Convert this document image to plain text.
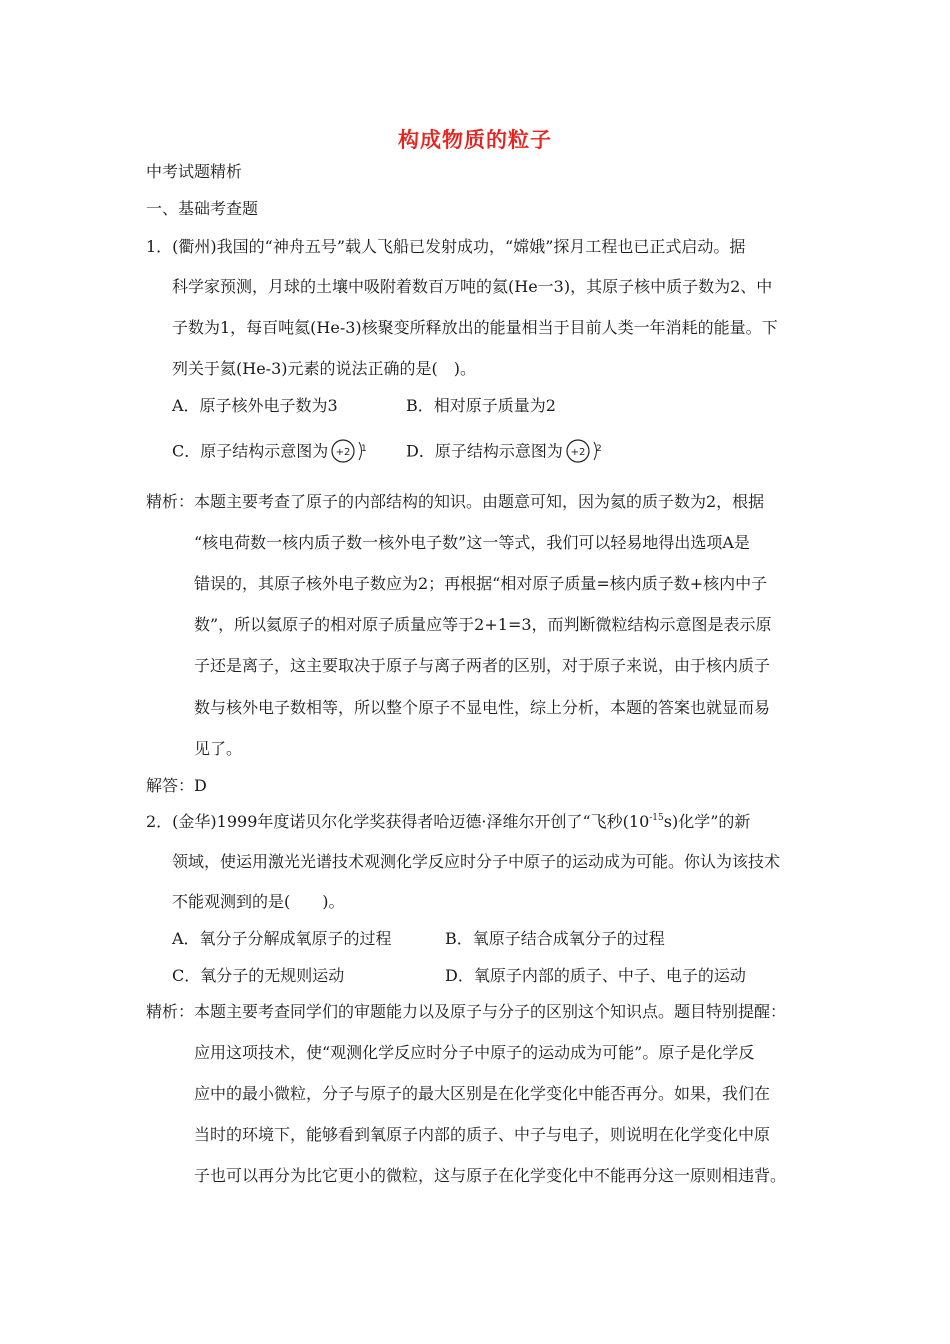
构成物质的粒子
中考试题精析
一、基础考查题
1．(衢州)我国的“神舟五号”载人飞船已发射成功，“嫦娥”探月工程也已正式启动。据
科学家预测，月球的土壤中吸附着数百万吨的氦(He一3)，其原子核中质子数为2、中
子数为1，每百吨氦(He-3)核聚变所释放出的能量相当于目前人类一年消耗的能量。下
列关于氦(He-3)元素的说法正确的是(　)。
A．原子核外电子数为3	B．相对原子质量为2
C．原子结构示意图为 +2 1 D．原子结构示意图为 +2 2
精析：本题主要考查了原子的内部结构的知识。由题意可知，因为氦的质子数为2，根据
“核电荷数一核内质子数一核外电子数”这一等式，我们可以轻易地得出选项A是
错误的，其原子核外电子数应为2；再根据“相对原子质量=核内质子数+核内中子
数”，所以氦原子的相对原子质量应等于2+1=3，而判断微粒结构示意图是表示原
子还是离子，这主要取决于原子与离子两者的区别，对于原子来说，由于核内质子
数与核外电子数相等，所以整个原子不显电性，综上分析，本题的答案也就显而易
见了。
解答：D
2．(金华)1999年度诺贝尔化学奖获得者哈迈德·泽维尔开创了“飞秒$(10^{-15}s)$化学”的新
领域，使运用激光光谱技术观测化学反应时分子中原子的运动成为可能。你认为该技术
不能观测到的是(　　)。
A．氧分子分解成氧原子的过程	B．氧原子结合成氧分子的过程
C．氧分子的无规则运动	D．氧原子内部的质子、中子、电子的运动
精析：本题主要考查同学们的审题能力以及原子与分子的区别这个知识点。题目特别提醒：
应用这项技术，使“观测化学反应时分子中原子的运动成为可能”。原子是化学反
应中的最小微粒，分子与原子的最大区别是在化学变化中能否再分。如果，我们在
当时的环境下，能够看到氧原子内部的质子、中子与电子，则说明在化学变化中原
子也可以再分为比它更小的微粒，这与原子在化学变化中不能再分这一原则相违背。
